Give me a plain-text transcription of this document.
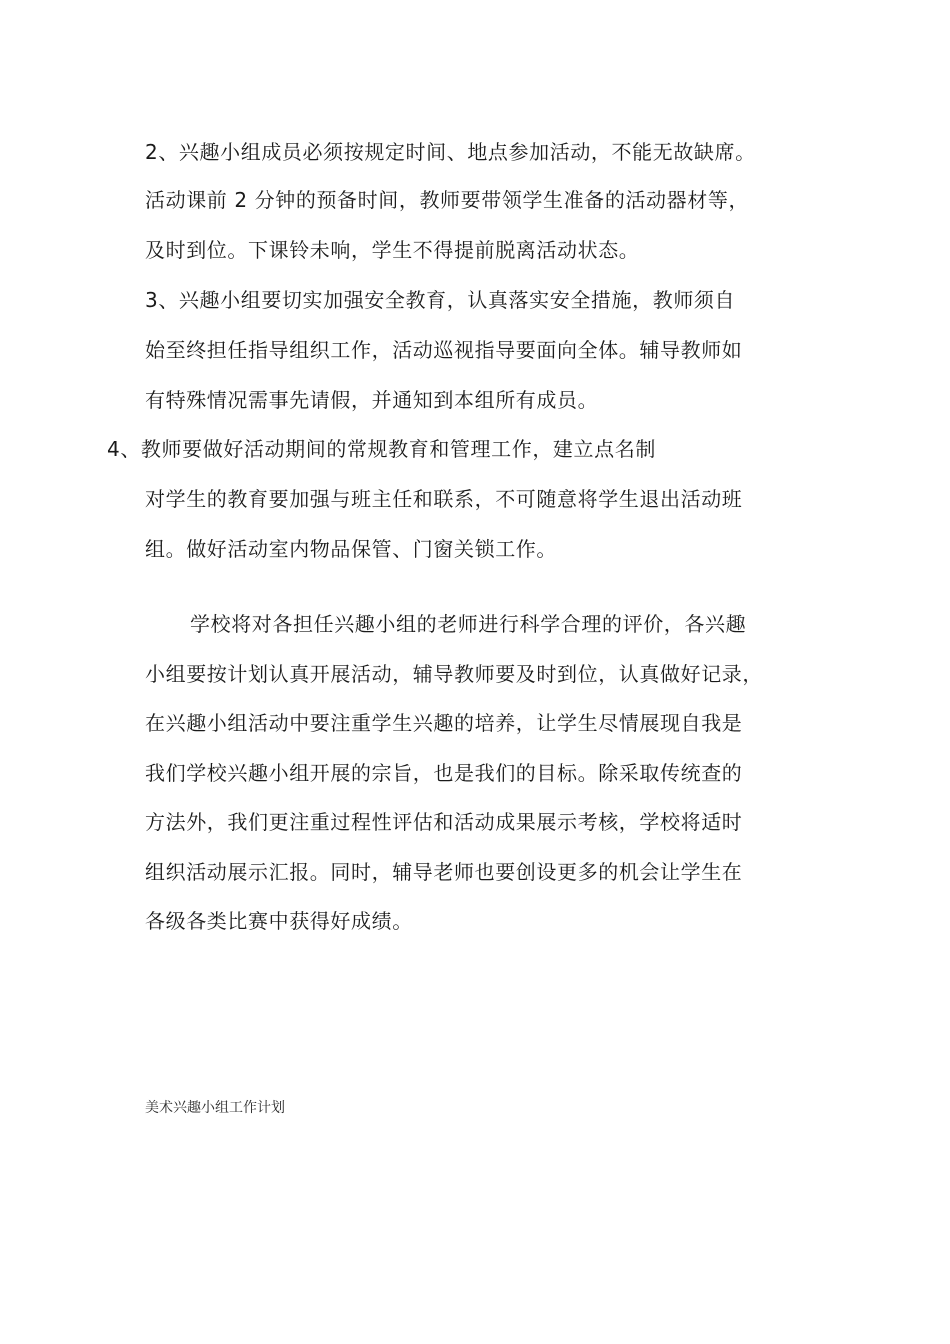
2、兴趣小组成员必须按规定时间、地点参加活动，不能无故缺席。
活动课前 2 分钟的预备时间，教师要带领学生准备的活动器材等，
及时到位。下课铃未响，学生不得提前脱离活动状态。
3、兴趣小组要切实加强安全教育，认真落实安全措施，教师须自
始至终担任指导组织工作，活动巡视指导要面向全体。辅导教师如
有特殊情况需事先请假，并通知到本组所有成员。
4、教师要做好活动期间的常规教育和管理工作，建立点名制
对学生的教育要加强与班主任和联系，不可随意将学生退出活动班
组。做好活动室内物品保管、门窗关锁工作。
学校将对各担任兴趣小组的老师进行科学合理的评价，各兴趣
小组要按计划认真开展活动，辅导教师要及时到位，认真做好记录，
在兴趣小组活动中要注重学生兴趣的培养，让学生尽情展现自我是
我们学校兴趣小组开展的宗旨，也是我们的目标。除采取传统查的
方法外，我们更注重过程性评估和活动成果展示考核，学校将适时
组织活动展示汇报。同时，辅导老师也要创设更多的机会让学生在
各级各类比赛中获得好成绩。
美术兴趣小组工作计划
